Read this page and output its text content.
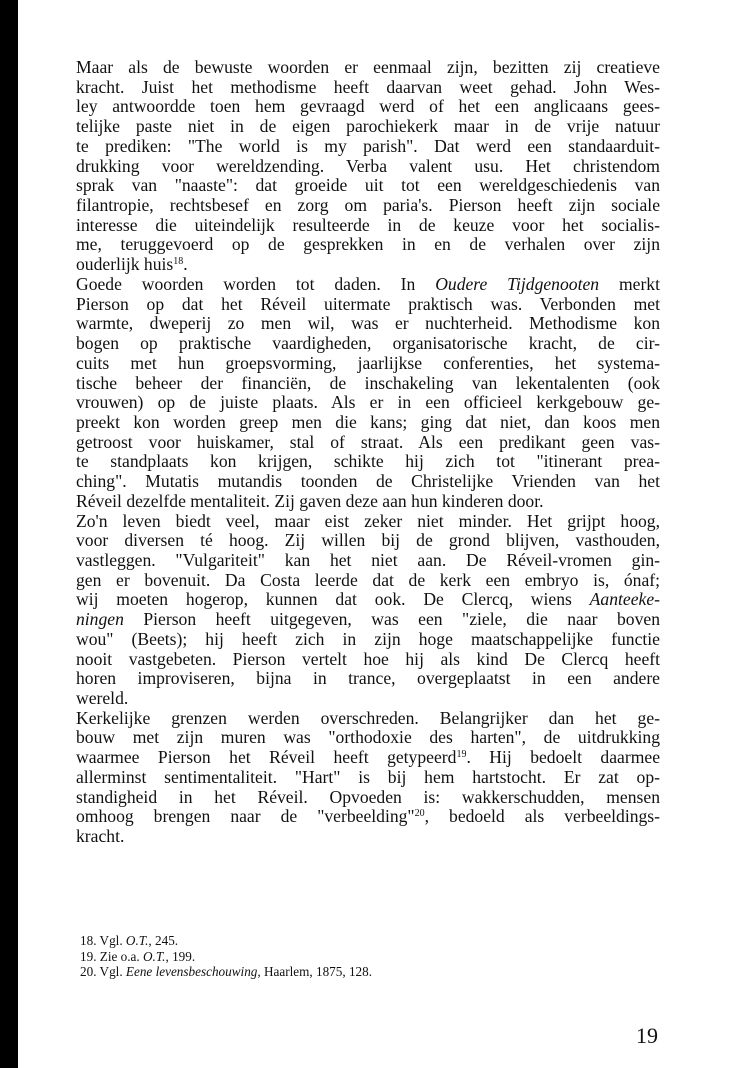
Maar als de bewuste woorden er eenmaal zijn, bezitten zij creatieve
kracht. Juist het methodisme heeft daarvan weet gehad. John Wes-
ley antwoordde toen hem gevraagd werd of het een anglicaans gees-
telijke paste niet in de eigen parochiekerk maar in de vrije natuur
te prediken: "The world is my parish". Dat werd een standaarduit-
drukking voor wereldzending. Verba valent usu. Het christendom
sprak van "naaste": dat groeide uit tot een wereldgeschiedenis van
filantropie, rechtsbesef en zorg om paria's. Pierson heeft zijn sociale
interesse die uiteindelijk resulteerde in de keuze voor het socialis-
me, teruggevoerd op de gesprekken in en de verhalen over zijn
ouderlijk huis$^{18}$.
Goede woorden worden tot daden. In Oudere Tijdgenooten merkt
Pierson op dat het Réveil uitermate praktisch was. Verbonden met
warmte, dweperij zo men wil, was er nuchterheid. Methodisme kon
bogen op praktische vaardigheden, organisatorische kracht, de cir-
cuits met hun groepsvorming, jaarlijkse conferenties, het systema-
tische beheer der financiën, de inschakeling van lekentalenten (ook
vrouwen) op de juiste plaats. Als er in een officieel kerkgebouw ge-
preekt kon worden greep men die kans; ging dat niet, dan koos men
getroost voor huiskamer, stal of straat. Als een predikant geen vas-
te standplaats kon krijgen, schikte hij zich tot "itinerant prea-
ching". Mutatis mutandis toonden de Christelijke Vrienden van het
Réveil dezelfde mentaliteit. Zij gaven deze aan hun kinderen door.
Zo'n leven biedt veel, maar eist zeker niet minder. Het grijpt hoog,
voor diversen té hoog. Zij willen bij de grond blijven, vasthouden,
vastleggen. "Vulgariteit" kan het niet aan. De Réveil-vromen gin-
gen er bovenuit. Da Costa leerde dat de kerk een embryo is, ónaf;
wij moeten hogerop, kunnen dat ook. De Clercq, wiens Aanteeke-
ningen Pierson heeft uitgegeven, was een "ziele, die naar boven
wou" (Beets); hij heeft zich in zijn hoge maatschappelijke functie
nooit vastgebeten. Pierson vertelt hoe hij als kind De Clercq heeft
horen improviseren, bijna in trance, overgeplaatst in een andere
wereld.
Kerkelijke grenzen werden overschreden. Belangrijker dan het ge-
bouw met zijn muren was "orthodoxie des harten", de uitdrukking
waarmee Pierson het Réveil heeft getypeerd$^{19}$. Hij bedoelt daarmee
allerminst sentimentaliteit. "Hart" is bij hem hartstocht. Er zat op-
standigheid in het Réveil. Opvoeden is: wakkerschudden, mensen
omhoog brengen naar de "verbeelding"$^{20}$, bedoeld als verbeeldings-
kracht.
18. Vgl. O.T., 245.
19. Zie o.a. O.T., 199.
20. Vgl. Eene levensbeschouwing, Haarlem, 1875, 128.
19
